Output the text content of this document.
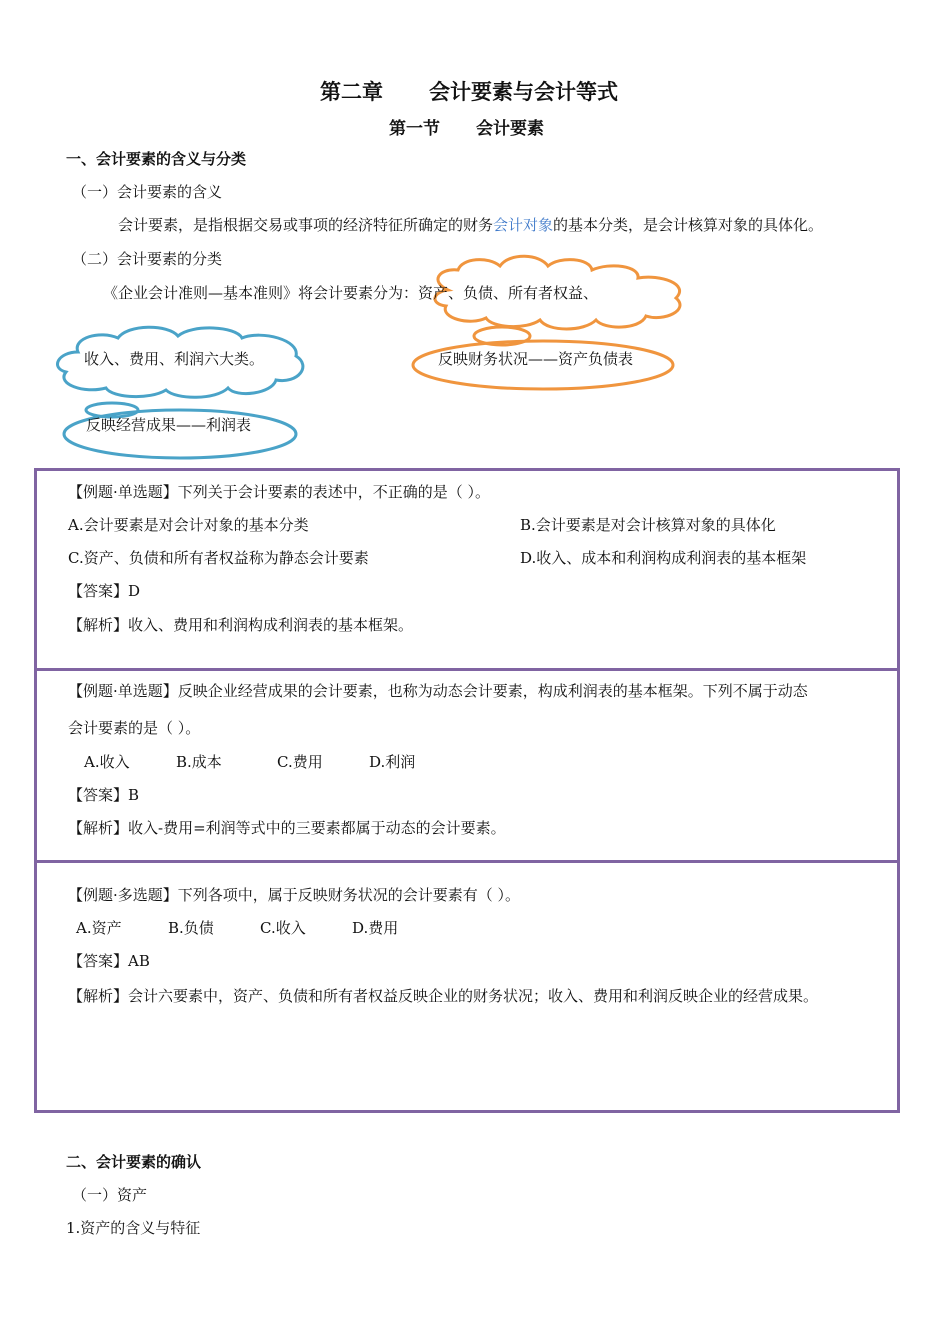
第二章 会计要素与会计等式
第一节 会计要素
一、会计要素的含义与分类
（一）会计要素的含义
会计要素，是指根据交易或事项的经济特征所确定的财务会计对象的基本分类，是会计核算对象的具体化。
（二）会计要素的分类
《企业会计准则—基本准则》将会计要素分为：资产、负债、所有者权益、
收入、费用、利润六大类。	反映财务状况——资产负债表
反映经营成果——利润表
【例题·单选题】下列关于会计要素的表述中，不正确的是（ ）。
A.会计要素是对会计对象的基本分类	B.会计要素是对会计核算对象的具体化
C.资产、负债和所有者权益称为静态会计要素	D.收入、成本和利润构成利润表的基本框架
【答案】D
【解析】收入、费用和利润构成利润表的基本框架。
【例题·单选题】反映企业经营成果的会计要素，也称为动态会计要素，构成利润表的基本框架。下列不属于动态
会计要素的是（ ）。
A.收入	B.成本	C.费用	D.利润
【答案】B
【解析】收入-费用=利润等式中的三要素都属于动态的会计要素。
【例题·多选题】下列各项中，属于反映财务状况的会计要素有（ ）。
A.资产	B.负债	C.收入	D.费用
【答案】AB
【解析】会计六要素中，资产、负债和所有者权益反映企业的财务状况；收入、费用和利润反映企业的经营成果。
二、会计要素的确认
（一）资产
1.资产的含义与特征
